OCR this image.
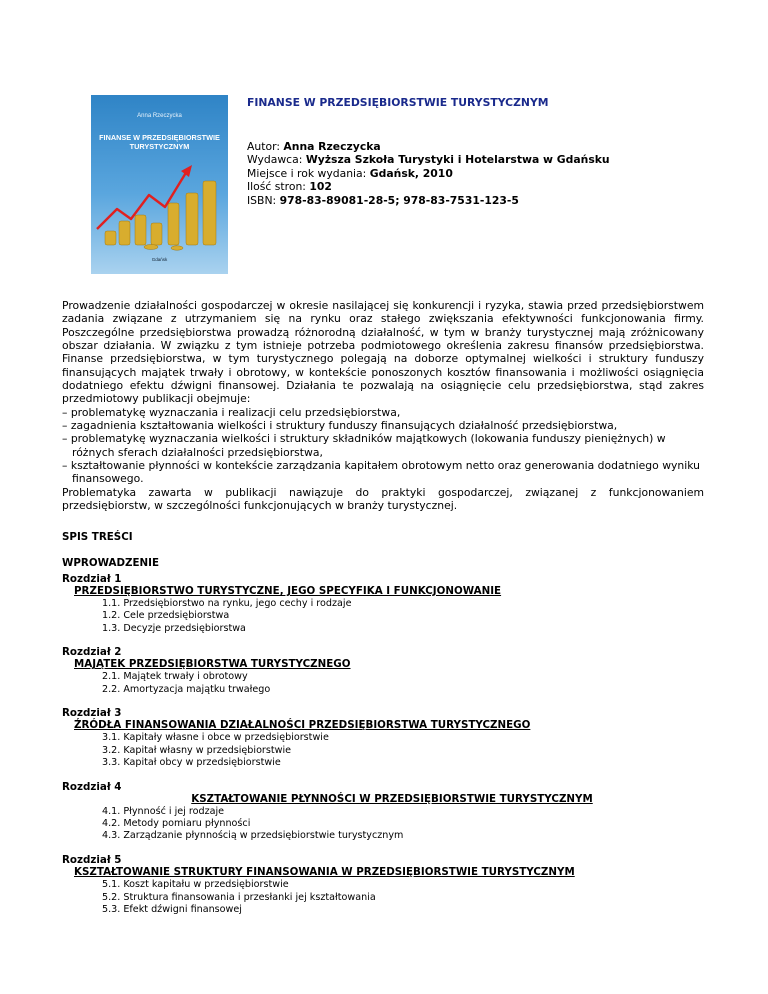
Anna Rzeczycka
FINANSE W PRZEDSIĘBIORSTWIE
TURYSTYCZNYM
Gdańsk
FINANSE W PRZEDSIĘBIORSTWIE TURYSTYCZNYM
Autor: Anna Rzeczycka
Wydawca: Wyższa Szkoła Turystyki i Hotelarstwa w Gdańsku
Miejsce i rok wydania: Gdańsk, 2010
Ilość stron: 102
ISBN: 978-83-89081-28-5; 978-83-7531-123-5

Prowadzenie działalności gospodarczej w okresie nasilającej się konkurencji i ryzyka, stawia przed przedsiębiorstwem zadania związane z utrzymaniem się na rynku oraz stałego zwiększania efektywności funkcjonowania firmy. Poszczególne przedsiębiorstwa prowadzą różnorodną działalność, w tym w branży turystycznej mają zróżnicowany obszar działania. W związku z tym istnieje potrzeba podmiotowego określenia zakresu finansów przedsiębiorstwa. Finanse przedsiębiorstwa, w tym turystycznego polegają na doborze optymalnej wielkości i struktury funduszy finansujących majątek trwały i obrotowy, w kontekście ponoszonych kosztów finansowania i możliwości osiągnięcia dodatniego efektu dźwigni finansowej. Działania te pozwalają na osiągnięcie celu przedsiębiorstwa, stąd zakres przedmiotowy publikacji obejmuje:

– problematykę wyznaczania i realizacji celu przedsiębiorstwa,
– zagadnienia kształtowania wielkości i struktury funduszy finansujących działalność przedsiębiorstwa,
– problematykę wyznaczania wielkości i struktury składników majątkowych (lokowania funduszy pieniężnych) w różnych sferach działalności przedsiębiorstwa,
– kształtowanie płynności w kontekście zarządzania kapitałem obrotowym netto oraz generowania dodatniego wyniku finansowego.

Problematyka zawarta w publikacji nawiązuje do praktyki gospodarczej, związanej z funkcjonowaniem przedsiębiorstw, w szczególności funkcjonujących w branży turystycznej.

SPIS TREŚCI
WPROWADZENIE
Rozdział 1
PRZEDSIĘBIORSTWO TURYSTYCZNE, JEGO SPECYFIKA I FUNKCJONOWANIE
1.1. Przedsiębiorstwo na rynku, jego cechy i rodzaje
1.2. Cele przedsiębiorstwa
1.3. Decyzje przedsiębiorstwa
Rozdział 2
MAJĄTEK PRZEDSIĘBIORSTWA TURYSTYCZNEGO
2.1. Majątek trwały i obrotowy
2.2. Amortyzacja majątku trwałego
Rozdział 3
ŹRÓDŁA FINANSOWANIA DZIAŁALNOŚCI PRZEDSIĘBIORSTWA TURYSTYCZNEGO
3.1. Kapitały własne i obce w przedsiębiorstwie
3.2. Kapitał własny w przedsiębiorstwie
3.3. Kapitał obcy w przedsiębiorstwie
Rozdział 4
KSZTAŁTOWANIE PŁYNNOŚCI W PRZEDSIĘBIORSTWIE TURYSTYCZNYM
4.1. Płynność i jej rodzaje
4.2. Metody pomiaru płynności
4.3. Zarządzanie płynnością w przedsiębiorstwie turystycznym
Rozdział 5
KSZTAŁTOWANIE STRUKTURY FINANSOWANIA W PRZEDSIĘBIORSTWIE TURYSTYCZNYM
5.1. Koszt kapitału w przedsiębiorstwie
5.2. Struktura finansowania i przesłanki jej kształtowania
5.3. Efekt dźwigni finansowej
